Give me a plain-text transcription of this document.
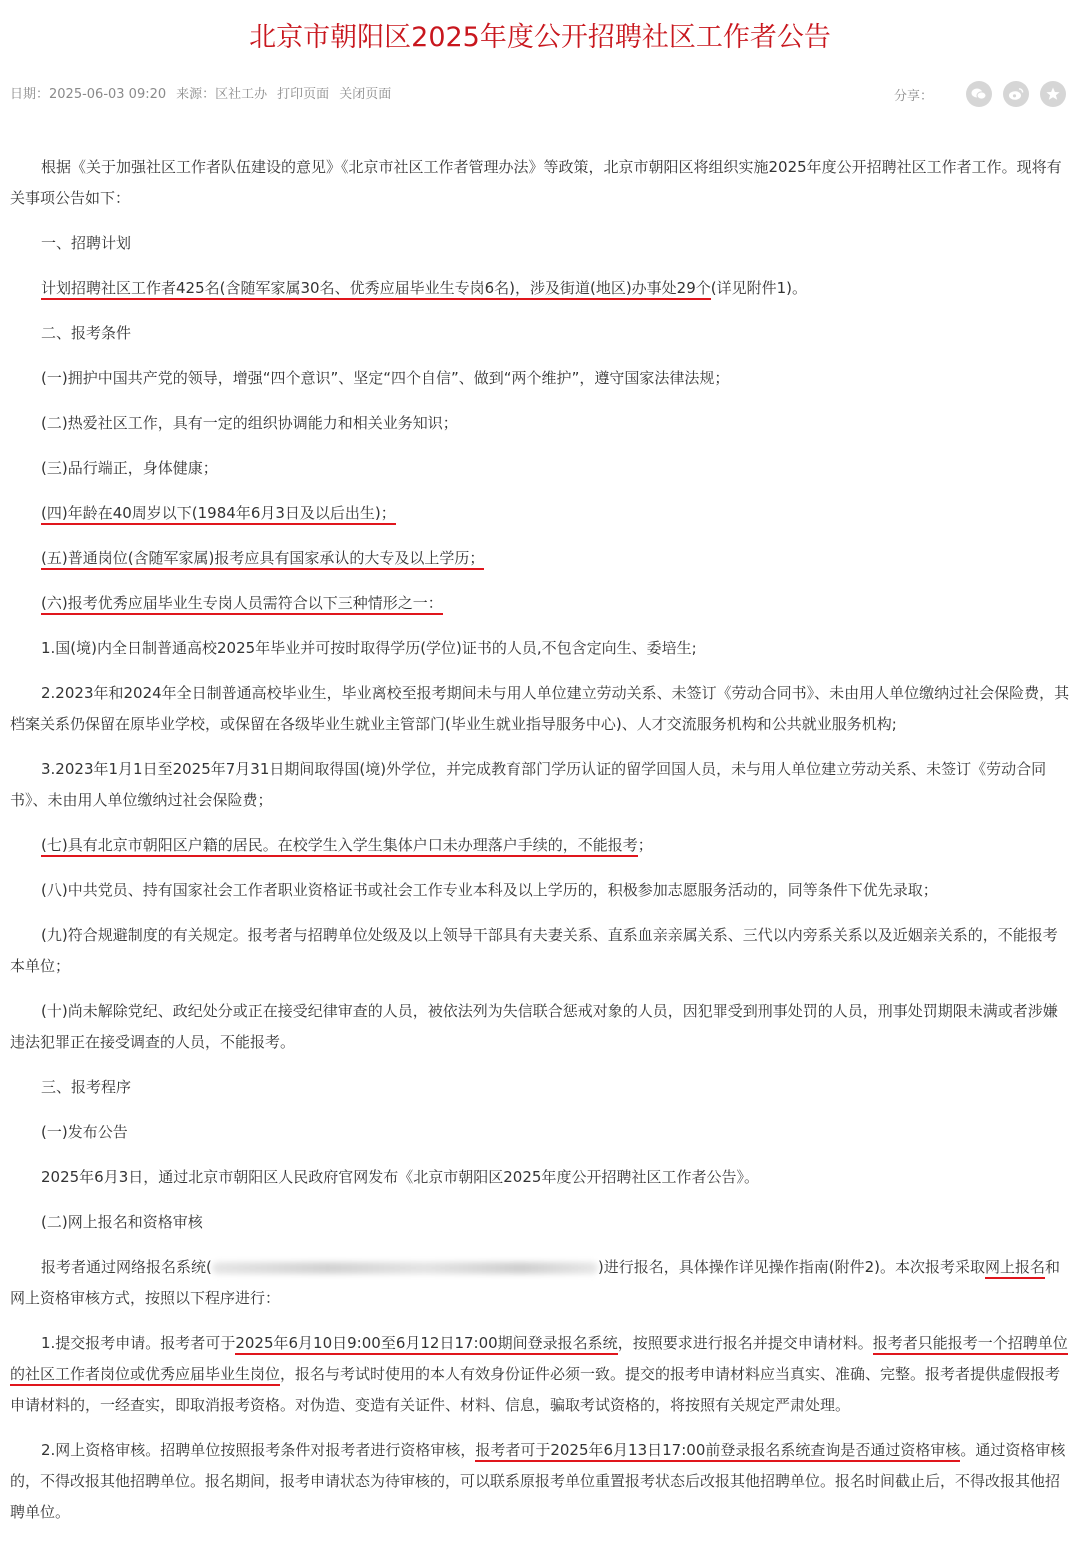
北京市朝阳区2025年度公开招聘社区工作者公告
日期：2025-06-03 09:20 来源：区社工办 打印页面 关闭页面	分享：

根据《关于加强社区工作者队伍建设的意见》《北京市社区工作者管理办法》等政策，北京市朝阳区将组织实施2025年度公开招聘社区工作者工作。现将有关事项公告如下：

一、招聘计划

计划招聘社区工作者425名(含随军家属30名、优秀应届毕业生专岗6名)，涉及街道(地区)办事处29个(详见附件1)。

二、报考条件

(一)拥护中国共产党的领导，增强“四个意识”、坚定“四个自信”、做到“两个维护”，遵守国家法律法规；

(二)热爱社区工作，具有一定的组织协调能力和相关业务知识；

(三)品行端正，身体健康；

(四)年龄在40周岁以下(1984年6月3日及以后出生)；

(五)普通岗位(含随军家属)报考应具有国家承认的大专及以上学历；

(六)报考优秀应届毕业生专岗人员需符合以下三种情形之一：

1.国(境)内全日制普通高校2025年毕业并可按时取得学历(学位)证书的人员,不包含定向生、委培生;

2.2023年和2024年全日制普通高校毕业生，毕业离校至报考期间未与用人单位建立劳动关系、未签订《劳动合同书》、未由用人单位缴纳过社会保险费，其档案关系仍保留在原毕业学校，或保留在各级毕业生就业主管部门(毕业生就业指导服务中心)、人才交流服务机构和公共就业服务机构;

3.2023年1月1日至2025年7月31日期间取得国(境)外学位，并完成教育部门学历认证的留学回国人员，未与用人单位建立劳动关系、未签订《劳动合同书》、未由用人单位缴纳过社会保险费；

(七)具有北京市朝阳区户籍的居民。在校学生入学生集体户口未办理落户手续的，不能报考；

(八)中共党员、持有国家社会工作者职业资格证书或社会工作专业本科及以上学历的，积极参加志愿服务活动的，同等条件下优先录取；

(九)符合规避制度的有关规定。报考者与招聘单位处级及以上领导干部具有夫妻关系、直系血亲亲属关系、三代以内旁系关系以及近姻亲关系的，不能报考本单位；

(十)尚未解除党纪、政纪处分或正在接受纪律审查的人员，被依法列为失信联合惩戒对象的人员，因犯罪受到刑事处罚的人员，刑事处罚期限未满或者涉嫌违法犯罪正在接受调查的人员，不能报考。

三、报考程序

(一)发布公告

2025年6月3日，通过北京市朝阳区人民政府官网发布《北京市朝阳区2025年度公开招聘社区工作者公告》。

(二)网上报名和资格审核

报考者通过网络报名系统(	)进行报名，具体操作详见操作指南(附件2)。本次报考采取网上报名和网上资格审核方式，按照以下程序进行：

1.提交报考申请。报考者可于2025年6月10日9:00至6月12日17:00期间登录报名系统，按照要求进行报名并提交申请材料。报考者只能报考一个招聘单位的社区工作者岗位或优秀应届毕业生岗位，报名与考试时使用的本人有效身份证件必须一致。提交的报考申请材料应当真实、准确、完整。报考者提供虚假报考申请材料的，一经查实，即取消报考资格。对伪造、变造有关证件、材料、信息，骗取考试资格的，将按照有关规定严肃处理。

2.网上资格审核。招聘单位按照报考条件对报考者进行资格审核，报考者可于2025年6月13日17:00前登录报名系统查询是否通过资格审核。通过资格审核的，不得改报其他招聘单位。报名期间，报考申请状态为待审核的，可以联系原报考单位重置报考状态后改报其他招聘单位。报名时间截止后，不得改报其他招聘单位。
